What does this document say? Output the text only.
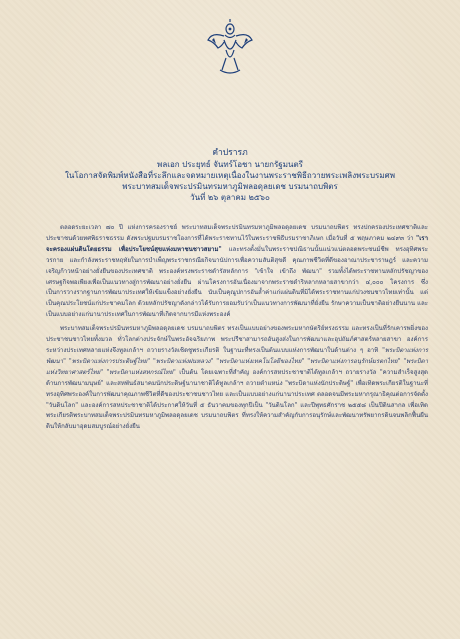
คำปรารภ
พลเอก ประยุทธ์ จันทร์โอชา นายกรัฐมนตรี
ในโอกาสจัดพิมพ์หนังสือที่ระลึกและจดหมายเหตุเนื่องในงานพระราชพิธีถวายพระเพลิงพระบรมศพ
พระบาทสมเด็จพระปรมินทรมหาภูมิพลอดุลยเดช บรมนาถบพิตร
วันที่ ๒๖ ตุลาคม ๒๕๖๐

ตลอดระยะเวลา ๗๐ ปี แห่งการครองราชย์ พระบาทสมเด็จพระปรมินทรมหาภูมิพลอดุลยเดช บรมนาถบพิตร ทรงปกครองประเทศชาติและประชาชนด้วยทศพิธราชธรรม ดังพระปฐมบรมราชโองการที่ได้พระราชทานไว้ในพระราชพิธีบรมราชาภิเษก เมื่อวันที่ ๕ พฤษภาคม ๒๔๙๓ ว่า "เราจะครองแผ่นดินโดยธรรม เพื่อประโยชน์สุขแห่งมหาชนชาวสยาม" และทรงตั้งมั่นในพระราชปณิธานนั้นแน่วแน่ตลอดพระชนม์ชีพ ทรงอุทิศพระวรกาย และกำลังพระราชหฤทัยในการบำเพ็ญพระราชกรณียกิจนานัปการเพื่อความสันติสุขดี คุณภาพชีวิตที่ดีของอาณาประชาราษฎร์ และความเจริญก้าวหน้าอย่างยั่งยืนของประเทศชาติ พระองค์ทรงพระราชดำรัสหลักการ "เข้าใจ เข้าถึง พัฒนา" รวมทั้งได้พระราชทานหลักปรัชญาของเศรษฐกิจพอเพียงเพื่อเป็นแนวทางสู่การพัฒนาอย่างยั่งยืน ผ่านโครงการอันเนื่องมาจากพระราชดำริหลากหลายสาขากว่า ๔,๐๐๐ โครงการ ซึ่งเป็นการวางรากฐานการพัฒนาประเทศให้เข้มแข็งอย่างยั่งยืน นับเป็นคุณูปการอันล้ำค่าแก่แผ่นดินที่มิได้พระราชทานแก่ปวงชนชาวไทยเท่านั้น แต่เป็นคุณประโยชน์แก่ประชาคมโลก ด้วยหลักปรัชญาดังกล่าวได้รับการยอมรับว่าเป็นแนวทางการพัฒนาที่ยั่งยืน รักษาความเป็นชาติอย่างยืนนาน และเป็นแบบอย่างแก่นานาประเทศในการพัฒนาที่เกิดจากบารมีแห่งพระองค์

พระบาทสมเด็จพระปรมินทรมหาภูมิพลอดุลยเดช บรมนาถบพิตร ทรงเป็นแบบอย่างของพระมหากษัตริย์ทรงธรรม และทรงเป็นที่รักเคารพยิ่งของประชาชนชาวไทยทั้งมวล ทั่วโลกต่างประจักษ์ในพระอัจฉริยภาพ พระปรีชาสามารถอันสูงส่งในการพัฒนาและอุปถัมภ์ศาสตร์หลายสาขา องค์การระหว่างประเทศหลายแห่งจึงทูลเกล้าฯ ถวายรางวัลเชิดชูพระเกียรติ ในฐานะที่ทรงเป็นต้นแบบแห่งการพัฒนาในด้านต่าง ๆ อาทิ "พระบิดาแห่งการพัฒนา" "พระบิดาแห่งการประดิษฐ์ไทย" "พระบิดาแห่งฝนหลวง" "พระบิดาแห่งเทคโนโลยีของไทย" "พระบิดาแห่งการอนุรักษ์มรดกไทย" "พระบิดาแห่งวิทยาศาสตร์ไทย" "พระบิดาแห่งสหกรณ์ไทย" เป็นต้น โดยเฉพาะที่สำคัญ องค์การสหประชาชาติได้ทูลเกล้าฯ ถวายรางวัล "ความสำเร็จสูงสุดด้านการพัฒนามนุษย์" และสหพันธ์สมาคมนักประดิษฐ์นานาชาติได้ทูลเกล้าฯ ถวายตำแหน่ง "พระบิดาแห่งนักประดิษฐ์" เพื่อเทิดพระเกียรติในฐานะที่ทรงอุทิศพระองค์ในการพัฒนาคุณภาพชีวิตที่ดีของประชาชนชาวไทย และเป็นแบบอย่างแก่นานาประเทศ ตลอดจนมีพระมหากรุณาธิคุณต่อการจัดตั้ง "วันดินโลก" และองค์การสหประชาชาติได้ประกาศให้วันที่ ๕ ธันวาคมของทุกปีเป็น "วันดินโลก" และปีพุทธศักราช ๒๕๕๘ เป็นปีดินสากล เพื่อเทิดพระเกียรติพระบาทสมเด็จพระปรมินทรมหาภูมิพลอดุลยเดช บรมนาถบพิตร ที่ทรงให้ความสำคัญกับการอนุรักษ์และพัฒนาทรัพยากรดินจนพลิกฟื้นผืนดินให้กลับมาอุดมสมบูรณ์อย่างยั่งยืน
